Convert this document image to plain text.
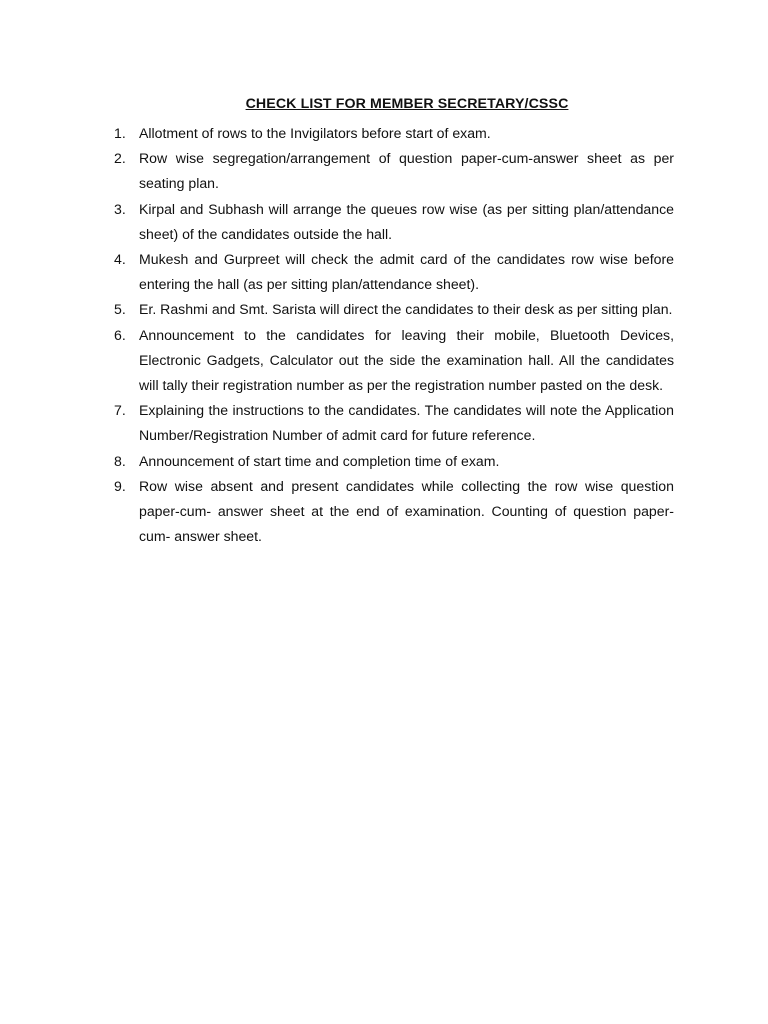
CHECK LIST FOR MEMBER SECRETARY/CSSC
1. Allotment of rows to the Invigilators before start of exam.
2. Row wise segregation/arrangement of question paper-cum-answer sheet as per seating plan.
3. Kirpal and Subhash will arrange the queues row wise (as per sitting plan/attendance sheet) of the candidates outside the hall.
4. Mukesh and Gurpreet will check the admit card of the candidates row wise before entering the hall (as per sitting plan/attendance sheet).
5. Er. Rashmi and Smt. Sarista will direct the candidates to their desk as per sitting plan.
6. Announcement to the candidates for leaving their mobile, Bluetooth Devices, Electronic Gadgets, Calculator out the side the examination hall. All the candidates will tally their registration number as per the registration number pasted on the desk.
7. Explaining the instructions to the candidates. The candidates will note the Application Number/Registration Number of admit card for future reference.
8. Announcement of start time and completion time of exam.
9. Row wise absent and present candidates while collecting the row wise question paper-cum- answer sheet at the end of examination. Counting of question paper-cum- answer sheet.
